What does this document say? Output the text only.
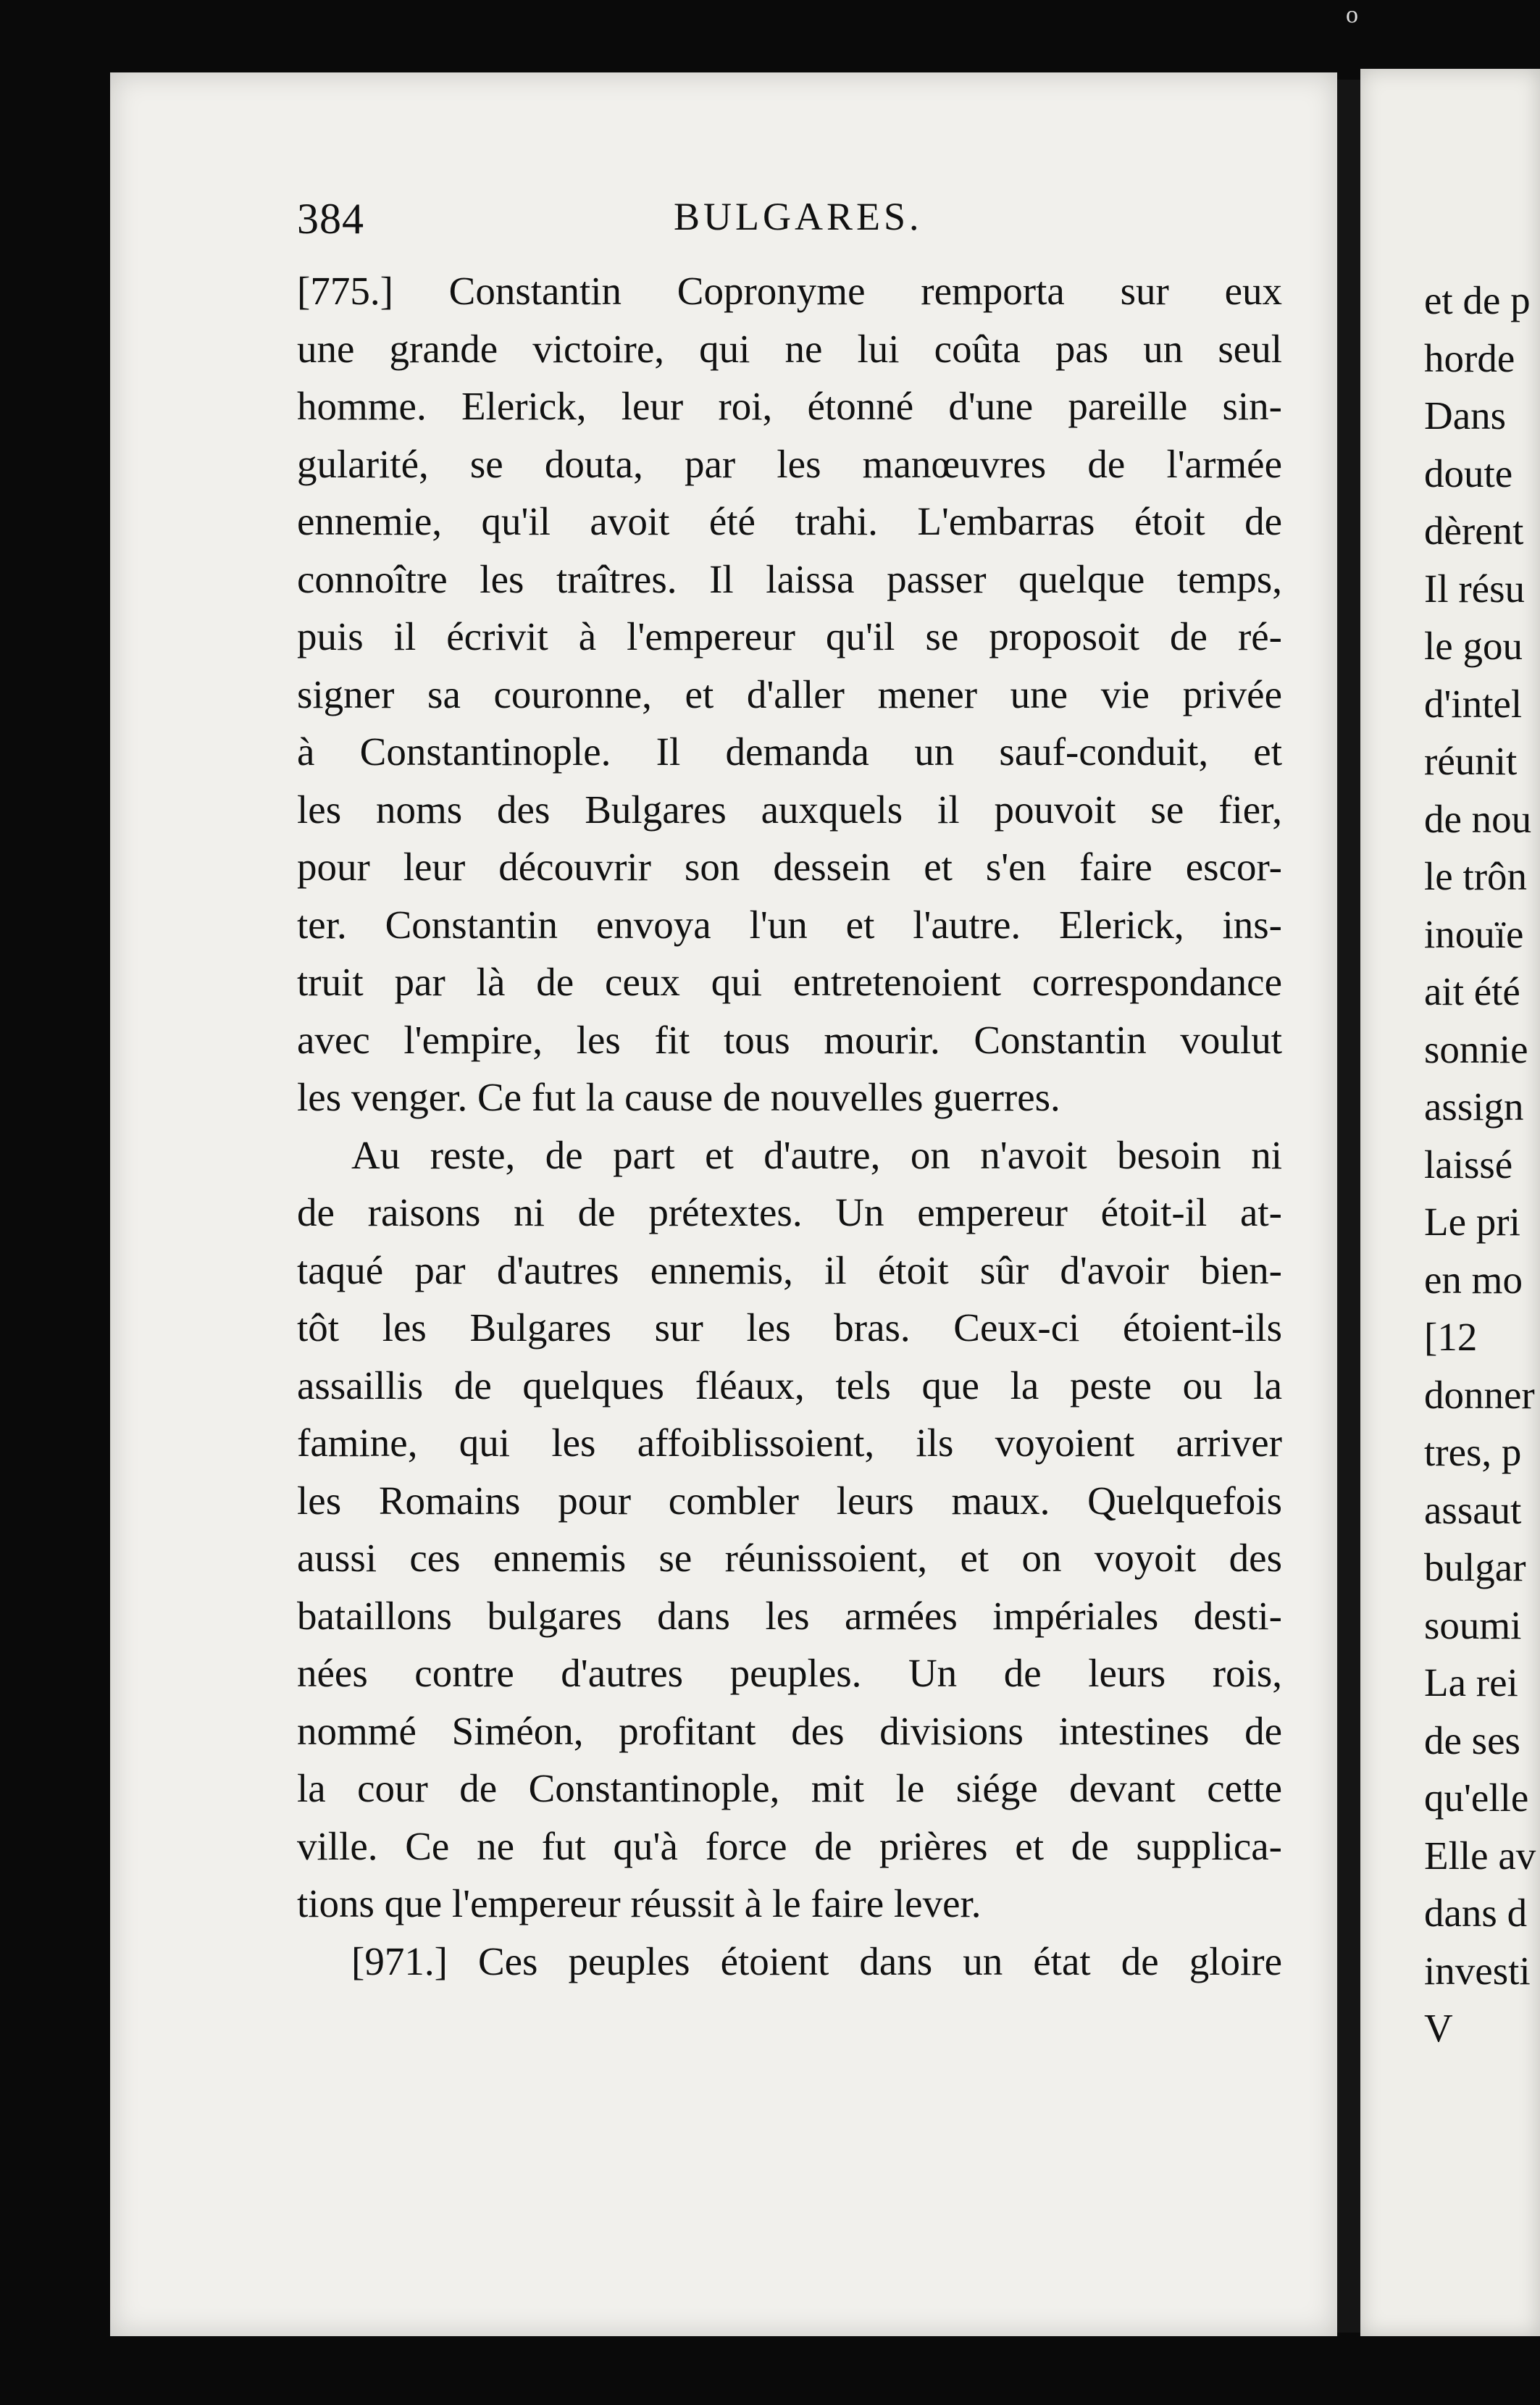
o
384	BULGARES.
[775.] Constantin Copronyme remporta sur eux
une grande victoire, qui ne lui coûta pas un seul
homme. Elerick, leur roi, étonné d'une pareille sin-
gularité, se douta, par les manœuvres de l'armée
ennemie, qu'il avoit été trahi. L'embarras étoit de
connoître les traîtres. Il laissa passer quelque temps,
puis il écrivit à l'empereur qu'il se proposoit de ré-
signer sa couronne, et d'aller mener une vie privée
à Constantinople. Il demanda un sauf-conduit, et
les noms des Bulgares auxquels il pouvoit se fier,
pour leur découvrir son dessein et s'en faire escor-
ter. Constantin envoya l'un et l'autre. Elerick, ins-
truit par là de ceux qui entretenoient correspondance
avec l'empire, les fit tous mourir. Constantin voulut
les venger. Ce fut la cause de nouvelles guerres.
Au reste, de part et d'autre, on n'avoit besoin ni
de raisons ni de prétextes. Un empereur étoit-il at-
taqué par d'autres ennemis, il étoit sûr d'avoir bien-
tôt les Bulgares sur les bras. Ceux-ci étoient-ils
assaillis de quelques fléaux, tels que la peste ou la
famine, qui les affoiblissoient, ils voyoient arriver
les Romains pour combler leurs maux. Quelquefois
aussi ces ennemis se réunissoient, et on voyoit des
bataillons bulgares dans les armées impériales desti-
nées contre d'autres peuples. Un de leurs rois,
nommé Siméon, profitant des divisions intestines de
la cour de Constantinople, mit le siége devant cette
ville. Ce ne fut qu'à force de prières et de supplica-
tions que l'empereur réussit à le faire lever.
[971.] Ces peuples étoient dans un état de gloire
et de p
horde
Dans
doute
dèrent
Il résu
le gou
d'intel
réunit
de nou
le trôn
inouïe
ait été
sonnie
assign
laissé
Le pri
en mo
[12
donner
tres, p
assaut
bulgar
soumi
La rei
de ses
qu'elle
Elle av
dans d
investi
V
